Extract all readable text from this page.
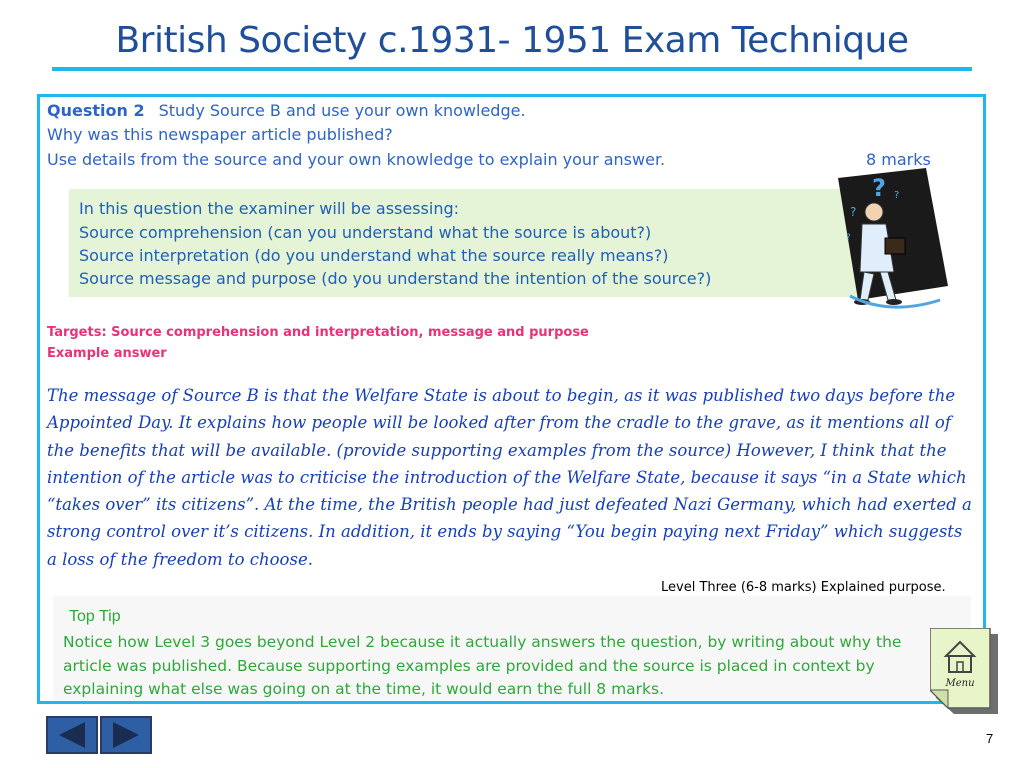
British Society c.1931- 1951 Exam Technique
Question 2 Study Source B and use your own knowledge.
Why was this newspaper article published?
Use details from the source and your own knowledge to explain your answer.	8 marks
In this question the examiner will be assessing:
Source comprehension (can you understand what the source is about?)
Source interpretation (do you understand what the source really means?)
Source message and purpose (do you understand the intention of the source?)
?
?
?
?
Targets: Source comprehension and interpretation, message and purpose
Example answer

The message of Source B is that the Welfare State is about to begin, as it was published two days before the Appointed Day. It explains how people will be looked after from the cradle to the grave, as it mentions all of the benefits that will be available. (provide supporting examples from the source) However, I think that the intention of the article was to criticise the introduction of the Welfare State, because it says “in a State which “takes over” its citizens”. At the time, the British people had just defeated Nazi Germany, which had exerted a strong control over it’s citizens. In addition, it ends by saying “You begin paying next Friday” which suggests a loss of the freedom to choose.

Level Three (6-8 marks) Explained purpose.
Top Tip
Notice how Level 3 goes beyond Level 2 because it actually answers the question, by writing about why the article was published. Because supporting examples are provided and the source is placed in context by explaining what else was going on at the time, it would earn the full 8 marks.	Menu
7
